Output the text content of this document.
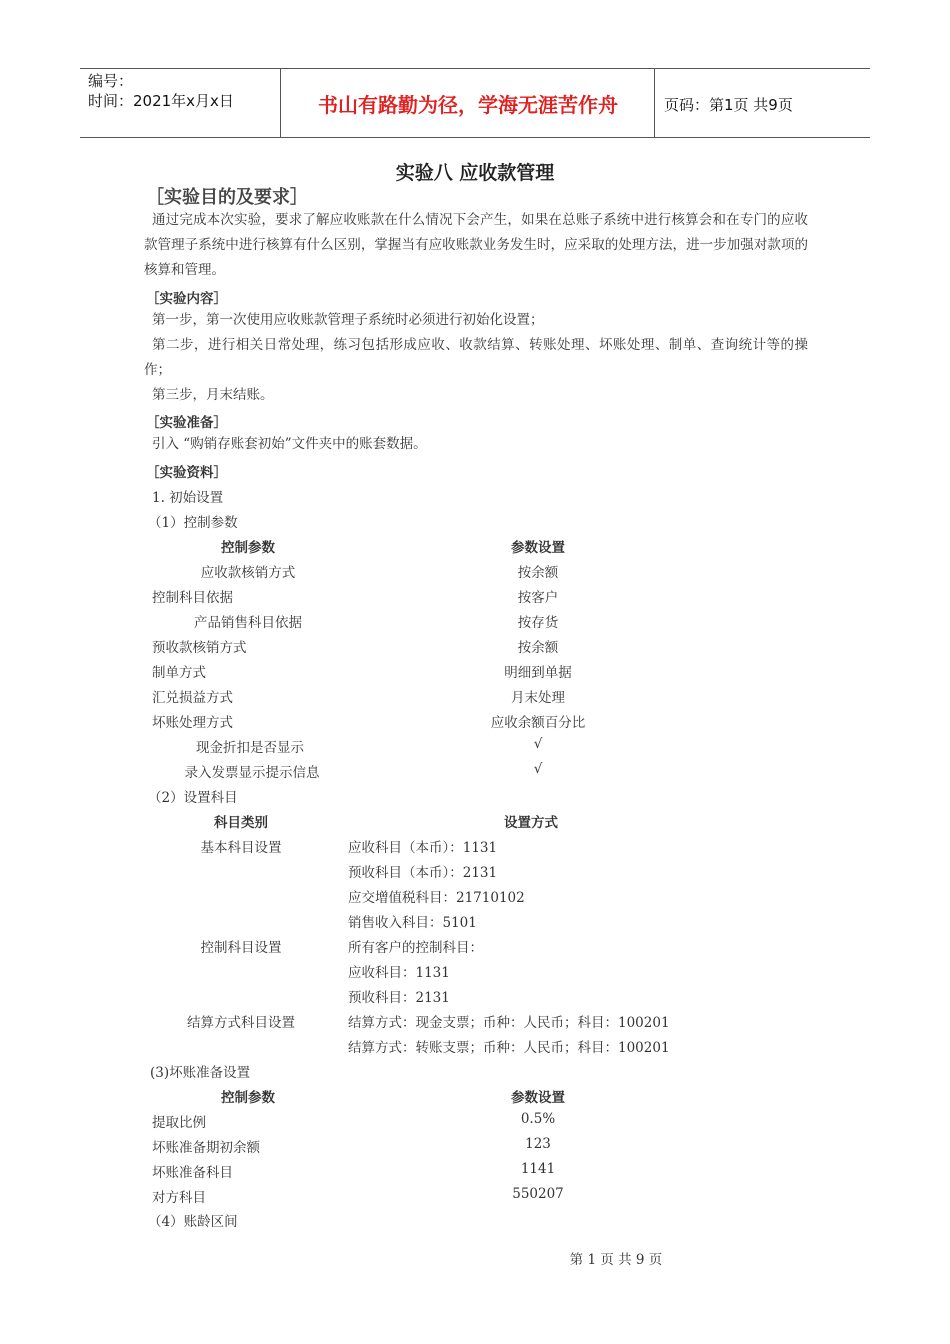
编号：
时间：2021年x月x日	书山有路勤为径，学海无涯苦作舟	页码：第1页 共9页
实验八 应收款管理
［实验目的及要求］
通过完成本次实验，要求了解应收账款在什么情况下会产生，如果在总账子系统中进行核算会和在专门的应收款管理子系统中进行核算有什么区别，掌握当有应收账款业务发生时，应采取的处理方法，进一步加强对款项的核算和管理。
［实验内容］
第一步，第一次使用应收账款管理子系统时必须进行初始化设置；
第二步，进行相关日常处理，练习包括形成应收、收款结算、转账处理、坏账处理、制单、查询统计等的操作；
第三步，月末结账。
［实验准备］
引入 “购销存账套初始”文件夹中的账套数据。
［实验资料］
1. 初始设置
（1）控制参数
控制参数	参数设置
应收款核销方式	按余额
控制科目依据	按客户
产品销售科目依据	按存货
预收款核销方式	按余额
制单方式	明细到单据
汇兑损益方式	月末处理
坏账处理方式	应收余额百分比
现金折扣是否显示	√
录入发票显示提示信息	√
（2）设置科目
科目类别	设置方式
基本科目设置	应收科目（本币）：1131
预收科目（本币）：2131
应交增值税科目：21710102
销售收入科目：5101
控制科目设置	所有客户的控制科目：
应收科目：1131
预收科目：2131
结算方式科目设置	结算方式：现金支票；币种：人民币；科目：100201
结算方式：转账支票；币种：人民币；科目：100201
(3)坏账准备设置
控制参数	参数设置
提取比例	0.5%
坏账准备期初余额	123
坏账准备科目	1141
对方科目	550207
（4）账龄区间
第 1 页 共 9 页
